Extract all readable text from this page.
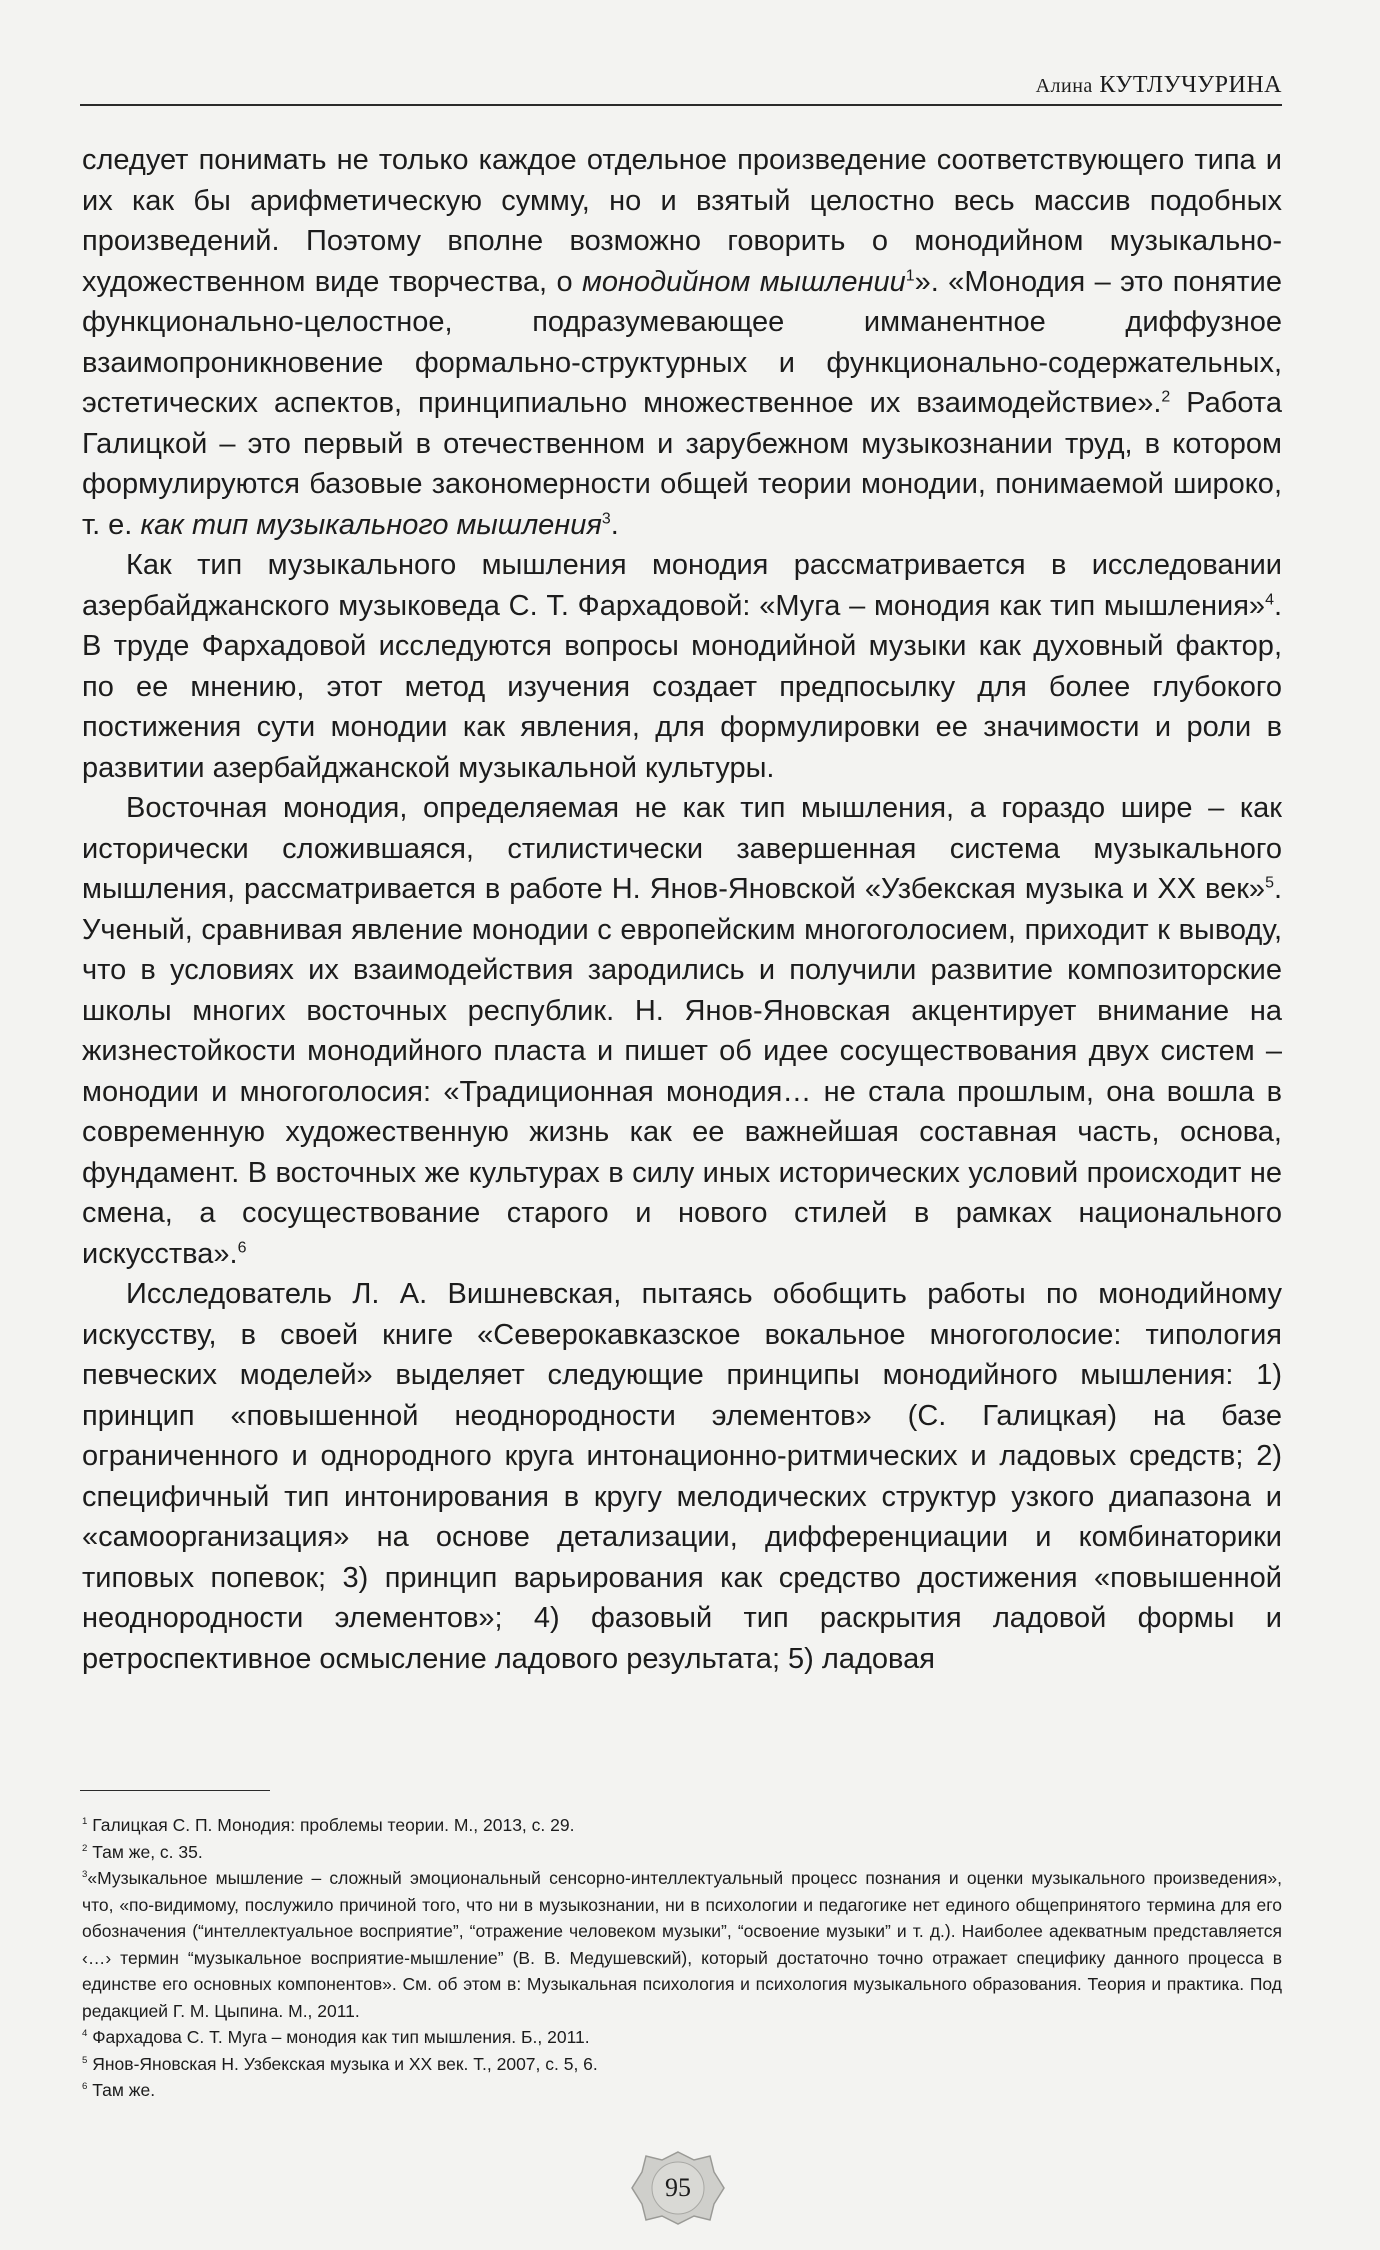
Алина КУТЛУЧУРИНА

следует понимать не только каждое отдельное произведение соответствующего типа и их как бы арифметическую сумму, но и взятый целостно весь массив подобных произведений. Поэтому вполне возможно говорить о монодийном музыкально-художественном виде творчества, о монодийном мышлении$^1$». «Монодия – это понятие функционально-целостное, подразумевающее имманентное диффузное взаимопроникновение формально-структурных и функционально-содержательных, эстетических аспектов, принципиально множественное их взаимодействие».$^2$ Работа Галицкой – это первый в отечественном и зарубежном музыкознании труд, в котором формулируются базовые закономерности общей теории монодии, понимаемой широко, т. е. как тип музыкального мышления$^3$.

Как тип музыкального мышления монодия рассматривается в исследовании азербайджанского музыковеда С. Т. Фархадовой: «Муга – монодия как тип мышления»$^4$. В труде Фархадовой исследуются вопросы монодийной музыки как духовный фактор, по ее мнению, этот метод изучения создает предпосылку для более глубокого постижения сути монодии как явления, для формулировки ее значимости и роли в развитии азербайджанской музыкальной культуры.

Восточная монодия, определяемая не как тип мышления, а гораздо шире – как исторически сложившаяся, стилистически завершенная система музыкального мышления, рассматривается в работе Н. Янов-Яновской «Узбекская музыка и XX век»$^5$. Ученый, сравнивая явление монодии с европейским многоголосием, приходит к выводу, что в условиях их взаимодействия зародились и получили развитие композиторские школы многих восточных республик. Н. Янов-Яновская акцентирует внимание на жизнестойкости монодийного пласта и пишет об идее сосуществования двух систем – монодии и многоголосия: «Традиционная монодия… не стала прошлым, она вошла в современную художественную жизнь как ее важнейшая составная часть, основа, фундамент. В восточных же культурах в силу иных исторических условий происходит не смена, а сосуществование старого и нового стилей в рамках национального искусства».$^6$

Исследователь Л. А. Вишневская, пытаясь обобщить работы по монодийному искусству, в своей книге «Северокавказское вокальное многоголосие: типология певческих моделей» выделяет следующие принципы монодийного мышления: 1) принцип «повышенной неоднородности элементов» (С. Галицкая) на базе ограниченного и однородного круга интонационно-ритмических и ладовых средств; 2) специфичный тип интонирования в кругу мелодических структур узкого диапазона и «самоорганизация» на основе детализации, дифференциации и комбинаторики типовых попевок; 3) принцип варьирования как средство достижения «повышенной неоднородности элементов»; 4) фазовый тип раскрытия ладовой формы и ретроспективное осмысление ладового результата; 5) ладовая

$^1$ Галицкая С. П. Монодия: проблемы теории. М., 2013, с. 29.

$^2$ Там же, с. 35.

$^3$«Музыкальное мышление – сложный эмоциональный сенсорно-интеллектуальный процесс познания и оценки музыкального произведения», что, «по-видимому, послужило причиной того, что ни в музыкознании, ни в психологии и педагогике нет единого общепринятого термина для его обозначения (“интеллектуальное восприятие”, “отражение человеком музыки”, “освоение музыки” и т. д.). Наиболее адекватным представляется ‹…› термин “музыкальное восприятие-мышление” (В. В. Медушевский), который достаточно точно отражает специфику данного процесса в единстве его основных компонентов». См. об этом в: Музыкальная психология и психология музыкального образования. Теория и практика. Под редакцией Г. М. Цыпина. М., 2011.

$^4$ Фархадова С. Т. Муга – монодия как тип мышления. Б., 2011.

$^5$ Янов-Яновская Н. Узбекская музыка и XX век. Т., 2007, с. 5, 6.

$^6$ Там же.

95
